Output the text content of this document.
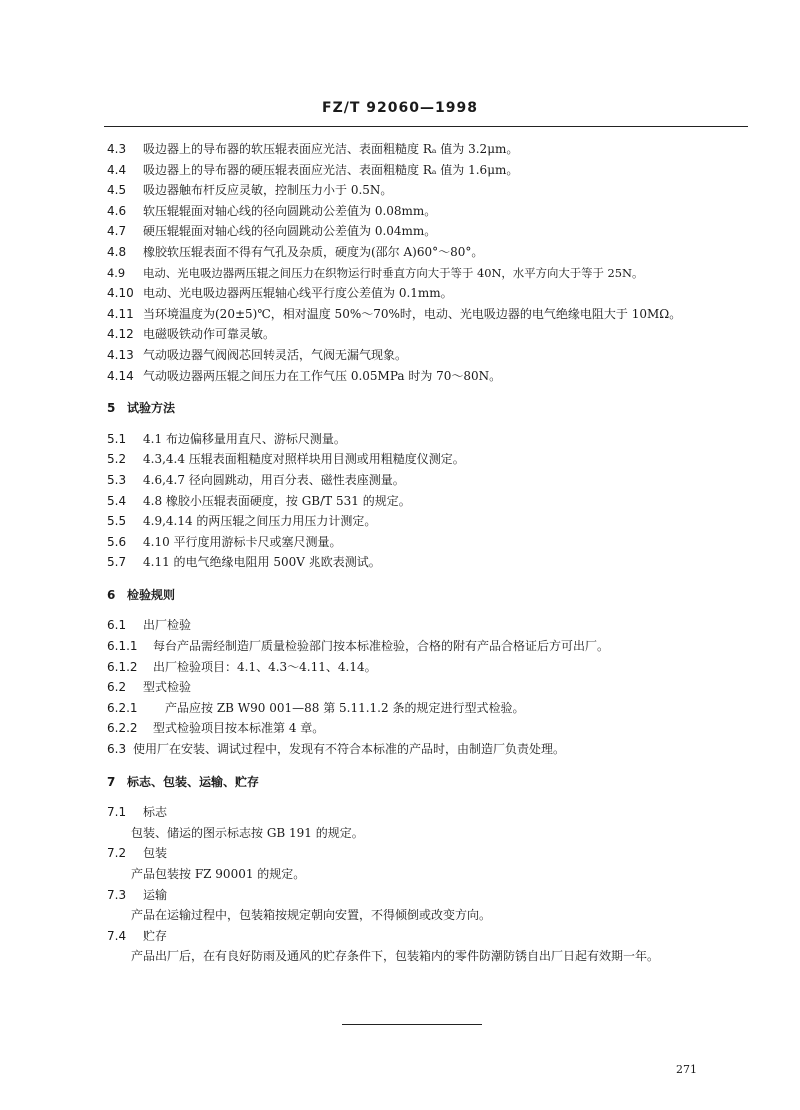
FZ/T 92060—1998
4.3 吸边器上的导布器的软压辊表面应光洁、表面粗糙度 Rₐ 值为 3.2μm。
4.4 吸边器上的导布器的硬压辊表面应光洁、表面粗糙度 Rₐ 值为 1.6μm。
4.5 吸边器触布杆反应灵敏，控制压力小于 0.5N。
4.6 软压辊辊面对轴心线的径向圆跳动公差值为 0.08mm。
4.7 硬压辊辊面对轴心线的径向圆跳动公差值为 0.04mm。
4.8 橡胶软压辊表面不得有气孔及杂质，硬度为(邵尔 A)60°～80°。
4.9 电动、光电吸边器两压辊之间压力在织物运行时垂直方向大于等于 40N，水平方向大于等于 25N。
4.10 电动、光电吸边器两压辊轴心线平行度公差值为 0.1mm。
4.11 当环境温度为(20±5)℃，相对温度 50%～70%时，电动、光电吸边器的电气绝缘电阻大于 10MΩ。
4.12 电磁吸铁动作可靠灵敏。
4.13 气动吸边器气阀阀芯回转灵活，气阀无漏气现象。
4.14 气动吸边器两压辊之间压力在工作气压 0.05MPa 时为 70～80N。
5 试验方法
5.1 4.1 布边偏移量用直尺、游标尺测量。
5.2 4.3,4.4 压辊表面粗糙度对照样块用目测或用粗糙度仪测定。
5.3 4.6,4.7 径向圆跳动，用百分表、磁性表座测量。
5.4 4.8 橡胶小压辊表面硬度，按 GB/T 531 的规定。
5.5 4.9,4.14 的两压辊之间压力用压力计测定。
5.6 4.10 平行度用游标卡尺或塞尺测量。
5.7 4.11 的电气绝缘电阻用 500V 兆欧表测试。
6 检验规则
6.1 出厂检验
6.1.1 每台产品需经制造厂质量检验部门按本标准检验，合格的附有产品合格证后方可出厂。
6.1.2 出厂检验项目：4.1、4.3～4.11、4.14。
6.2 型式检验
6.2.1 产品应按 ZB W90 001—88 第 5.11.1.2 条的规定进行型式检验。
6.2.2 型式检验项目按本标准第 4 章。
6.3 使用厂在安装、调试过程中，发现有不符合本标准的产品时，由制造厂负责处理。
7 标志、包装、运输、贮存
7.1 标志
包装、储运的图示标志按 GB 191 的规定。
7.2 包装
产品包装按 FZ 90001 的规定。
7.3 运输
产品在运输过程中，包装箱按规定朝向安置，不得倾倒或改变方向。
7.4 贮存
产品出厂后，在有良好防雨及通风的贮存条件下，包装箱内的零件防潮防锈自出厂日起有效期一年。
271
